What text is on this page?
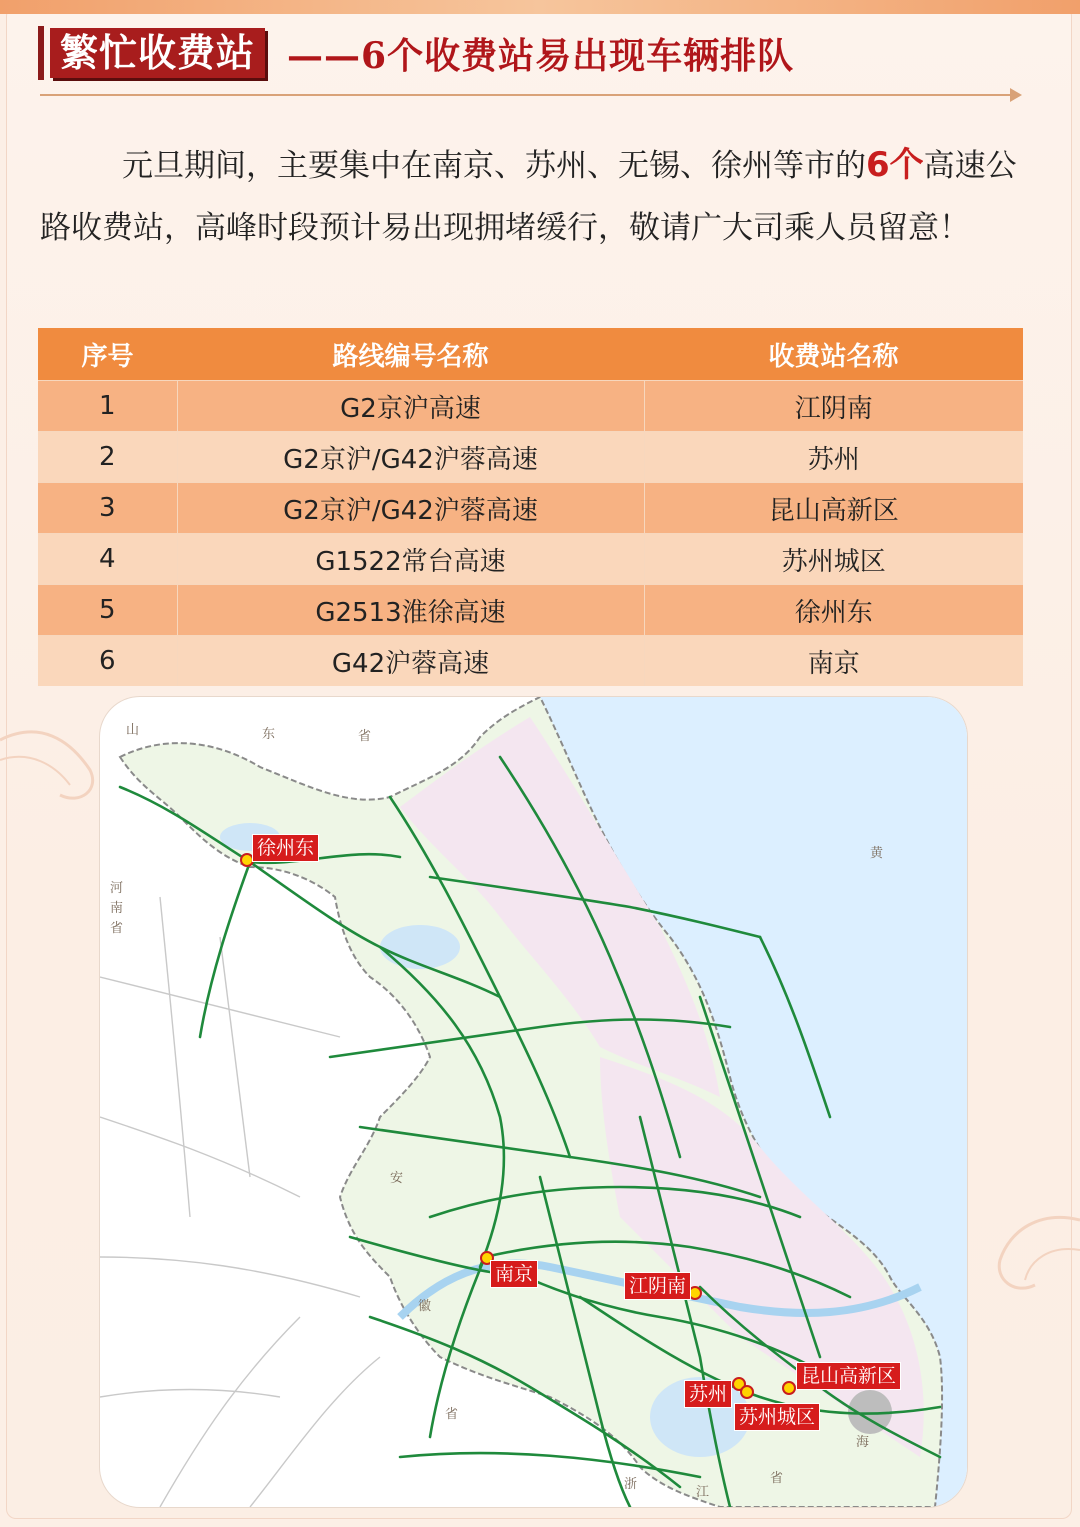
繁忙收费站 ——6个收费站易出现车辆排队
元旦期间，主要集中在南京、苏州、无锡、徐州等市的6个高速公路收费站，高峰时段预计易出现拥堵缓行，敬请广大司乘人员留意！
序号	路线编号名称	收费站名称
1	G2京沪高速	江阴南
2	G2京沪/G42沪蓉高速	苏州
3	G2京沪/G42沪蓉高速	昆山高新区
4	G1522常台高速	苏州城区
5	G2513淮徐高速	徐州东
6	G42沪蓉高速	南京
山	东	省
河
南
省
黄
安
徽
省
浙
江
省
海
徐州东
南京
江阴南
苏州
苏州城区
昆山高新区
